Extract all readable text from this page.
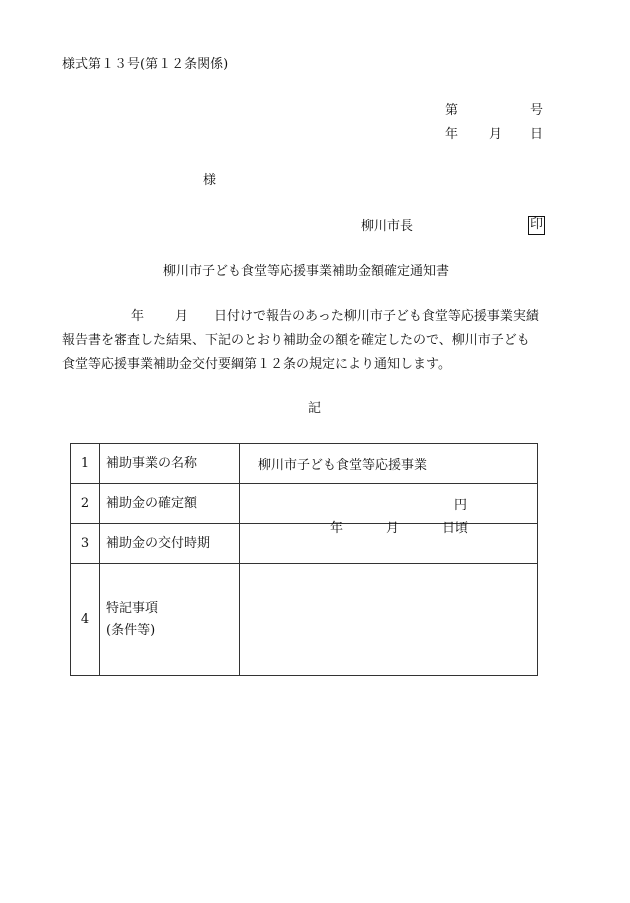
様式第１３号(第１２条関係)
第	号
年 月 日
様
柳川市長	印
柳川市子ども食堂等応援事業補助金額確定通知書
年 月 日付けで報告のあった柳川市子ども食堂等応援事業実績
報告書を審査した結果、下記のとおり補助金の額を確定したので、柳川市子ども
食堂等応援事業補助金交付要綱第１２条の規定により通知します。
記
1	補助事業の名称	柳川市子ども食堂等応援事業
2	補助金の確定額	円
3	補助金の交付時期	年 月 日頃

4	特記事項
(条件等)	
